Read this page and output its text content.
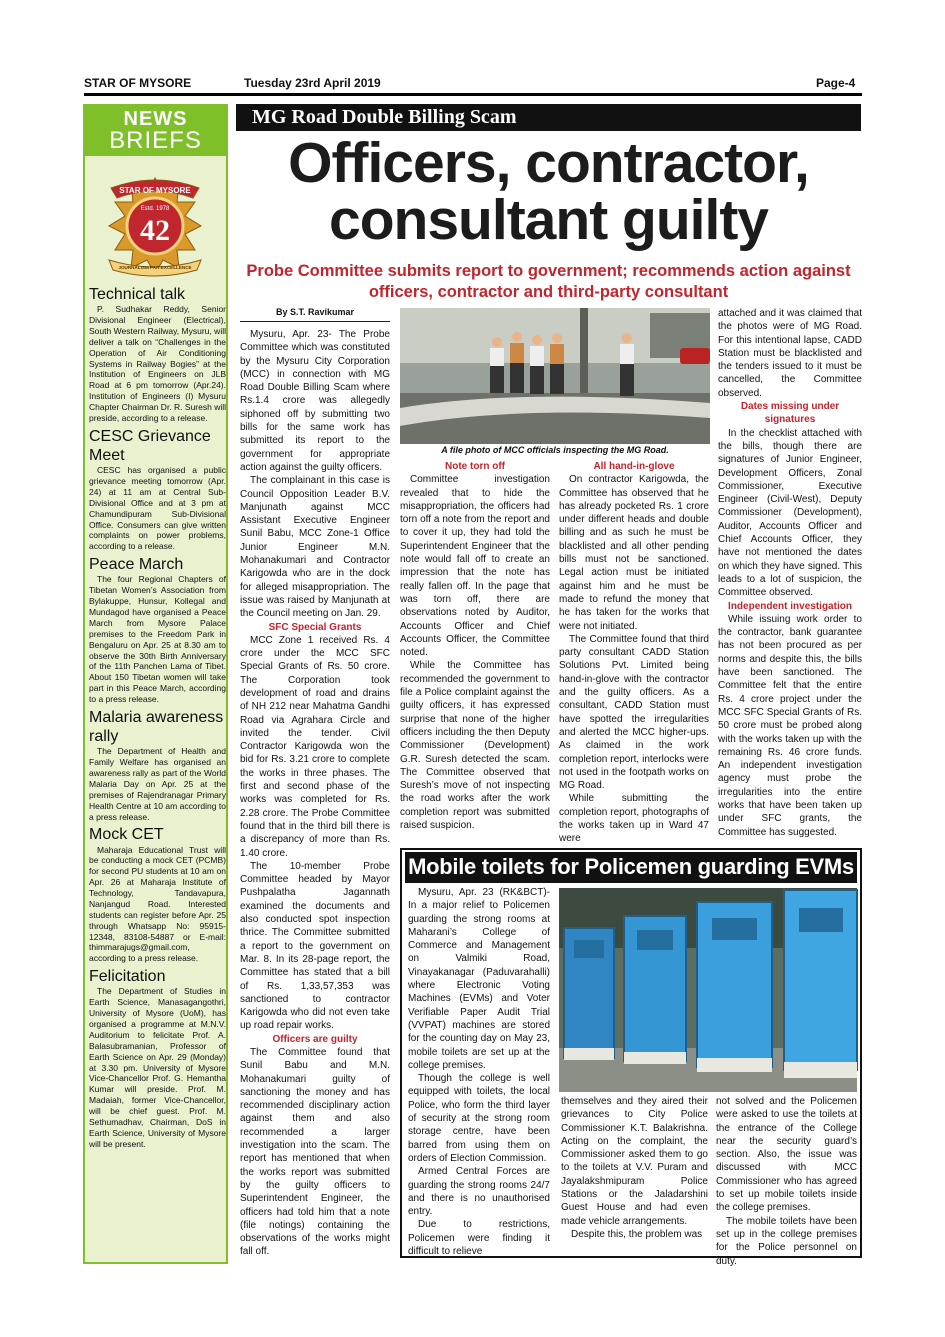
STAR OF MYSORE	Tuesday 23rd April 2019	Page-4
NEWS
BRIEFS
STAR OF MYSORE
Estd. 1978
42
JOURNALISM PAR EXCELLENCE
Technical talk
P. Sudhakar Reddy, Senior Divisional Engineer (Electrical), South Western Railway, Mysuru, will deliver a talk on “Challenges in the Operation of Air Conditioning Systems in Railway Bogies” at the Institution of Engineers on JLB Road at 6 pm tomorrow (Apr.24). Institution of Engineers (I) Mysuru Chapter Chairman Dr. R. Suresh will preside, according to a release.
CESC Grievance Meet
CESC has organised a public grievance meeting tomorrow (Apr. 24) at 11 am at Central Sub-Divisional Office and at 3 pm at Chamundipuram Sub-Divisional Office. Consumers can give written complaints on power problems, according to a release.
Peace March
The four Regional Chapters of Tibetan Women’s Association from Bylakuppe, Hunsur, Kollegal and Mundagod have organised a Peace March from Mysore Palace premises to the Freedom Park in Bengaluru on Apr. 25 at 8.30 am to observe the 30th Birth Anniversary of the 11th Panchen Lama of Tibet. About 150 Tibetan women will take part in this Peace March, according to a press release.
Malaria awareness rally
The Department of Health and Family Welfare has organised an awareness rally as part of the World Malaria Day on Apr. 25 at the premises of Rajendranagar Primary Health Centre at 10 am according to a press release.
Mock CET
Maharaja Educational Trust will be conducting a mock CET (PCMB) for second PU students at 10 am on Apr. 26 at Maharaja Institute of Technology, Tandavapura, Nanjangud Road. Interested students can register before Apr. 25 through Whatsapp No: 95915-12348, 83108-54887 or E-mail: thimmarajugs@gmail.com, according to a press release.
Felicitation
The Department of Studies in Earth Science, Manasagangothri, University of Mysore (UoM), has organised a programme at M.N.V. Auditorium to felicitate Prof. A. Balasubramanian, Professor of Earth Science on Apr. 29 (Monday) at 3.30 pm. University of Mysore Vice-Chancellor Prof. G. Hemantha Kumar will preside. Prof. M. Madaiah, former Vice-Chancellor, will be chief guest. Prof. M. Sethumadhav, Chairman, DoS in Earth Science, University of Mysore will be present.
MG Road Double Billing Scam
Officers, contractor, consultant guilty
Probe Committee submits report to government; recommends action against officers, contractor and third-party consultant

By S.T. Ravikumar

Mysuru, Apr. 23- The Probe Committee which was constituted by the Mysuru City Corporation (MCC) in connection with MG Road Double Billing Scam where Rs.1.4 crore was allegedly siphoned off by submitting two bills for the same work has submitted its report to the government for appropriate action against the guilty officers.

The complainant in this case is Council Opposition Leader B.V. Manjunath against MCC Assistant Executive Engineer Sunil Babu, MCC Zone-1 Office Junior Engineer M.N. Mohanakumari and Contractor Karigowda who are in the dock for alleged misappropriation. The issue was raised by Manjunath at the Council meeting on Jan. 29.

SFC Special Grants

MCC Zone 1 received Rs. 4 crore under the MCC SFC Special Grants of Rs. 50 crore. The Corporation took development of road and drains of NH 212 near Mahatma Gandhi Road via Agrahara Circle and invited the tender. Civil Contractor Karigowda won the bid for Rs. 3.21 crore to complete the works in three phases. The first and second phase of the works was completed for Rs. 2.28 crore. The Probe Committee found that in the third bill there is a discrepancy of more than Rs. 1.40 crore.

The 10-member Probe Committee headed by Mayor Pushpalatha Jagannath examined the documents and also conducted spot inspection thrice. The Committee submitted a report to the government on Mar. 8. In its 28-page report, the Committee has stated that a bill of Rs. 1,33,57,353 was sanctioned to contractor Karigowda who did not even take up road repair works.

Officers are guilty

The Committee found that Sunil Babu and M.N. Mohanakumari guilty of sanctioning the money and has recommended disciplinary action against them and also recommended a larger investigation into the scam. The report has mentioned that when the works report was submitted by the guilty officers to Superintendent Engineer, the officers had told him that a note (file notings) containing the observations of the works might fall off.

A file photo of MCC officials inspecting the MG Road.

Note torn off

Committee investigation revealed that to hide the misappropriation, the officers had torn off a note from the report and to cover it up, they had told the Superintendent Engineer that the note would fall off to create an impression that the note has really fallen off. In the page that was torn off, there are observations noted by Auditor, Accounts Officer and Chief Accounts Officer, the Committee noted.

While the Committee has recommended the government to file a Police complaint against the guilty officers, it has expressed surprise that none of the higher officers including the then Deputy Commissioner (Development) G.R. Suresh detected the scam. The Committee observed that Suresh’s move of not inspecting the road works after the work completion report was submitted raised suspicion.

All hand-in-glove

On contractor Karigowda, the Committee has observed that he has already pocketed Rs. 1 crore under different heads and double billing and as such he must be blacklisted and all other pending bills must not be sanctioned. Legal action must be initiated against him and he must be made to refund the money that he has taken for the works that were not initiated.

The Committee found that third party consultant CADD Station Solutions Pvt. Limited being hand-in-glove with the contractor and the guilty officers. As a consultant, CADD Station must have spotted the irregularities and alerted the MCC higher-ups. As claimed in the work completion report, interlocks were not used in the footpath works on MG Road.

While submitting the completion report, photographs of the works taken up in Ward 47 were

attached and it was claimed that the photos were of MG Road. For this intentional lapse, CADD Station must be blacklisted and the tenders issued to it must be cancelled, the Committee observed.

Dates missing under signatures

In the checklist attached with the bills, though there are signatures of Junior Engineer, Development Officers, Zonal Commissioner, Executive Engineer (Civil-West), Deputy Commissioner (Development), Auditor, Accounts Officer and Chief Accounts Officer, they have not mentioned the dates on which they have signed. This leads to a lot of suspicion, the Committee observed.

Independent investigation

While issuing work order to the contractor, bank guarantee has not been procured as per norms and despite this, the bills have been sanctioned. The Committee felt that the entire Rs. 4 crore project under the MCC SFC Special Grants of Rs. 50 crore must be probed along with the works taken up with the remaining Rs. 46 crore funds. An independent investigation agency must probe the irregularities into the entire works that have been taken up under SFC grants, the Committee has suggested.

Mobile toilets for Policemen guarding EVMs

Mysuru, Apr. 23 (RK&BCT)- In a major relief to Policemen guarding the strong rooms at Maharani’s College of Commerce and Management on Valmiki Road, Vinayakanagar (Paduvarahalli) where Electronic Voting Machines (EVMs) and Voter Verifiable Paper Audit Trial (VVPAT) machines are stored for the counting day on May 23, mobile toilets are set up at the college premises.

Though the college is well equipped with toilets, the local Police, who form the third layer of security at the strong room storage centre, have been barred from using them on orders of Election Commission.

Armed Central Forces are guarding the strong rooms 24/7 and there is no unauthorised entry.

Due to restrictions, Policemen were finding it difficult to relieve

themselves and they aired their grievances to City Police Commissioner K.T. Balakrishna. Acting on the complaint, the Commissioner asked them to go to the toilets at V.V. Puram and Jayalakshmipuram Police Stations or the Jaladarshini Guest House and had even made vehicle arrangements.

Despite this, the problem was

not solved and the Policemen were asked to use the toilets at the entrance of the College near the security guard’s section. Also, the issue was discussed with MCC Commissioner who has agreed to set up mobile toilets inside the college premises.

The mobile toilets have been set up in the college premises for the Police personnel on duty.
